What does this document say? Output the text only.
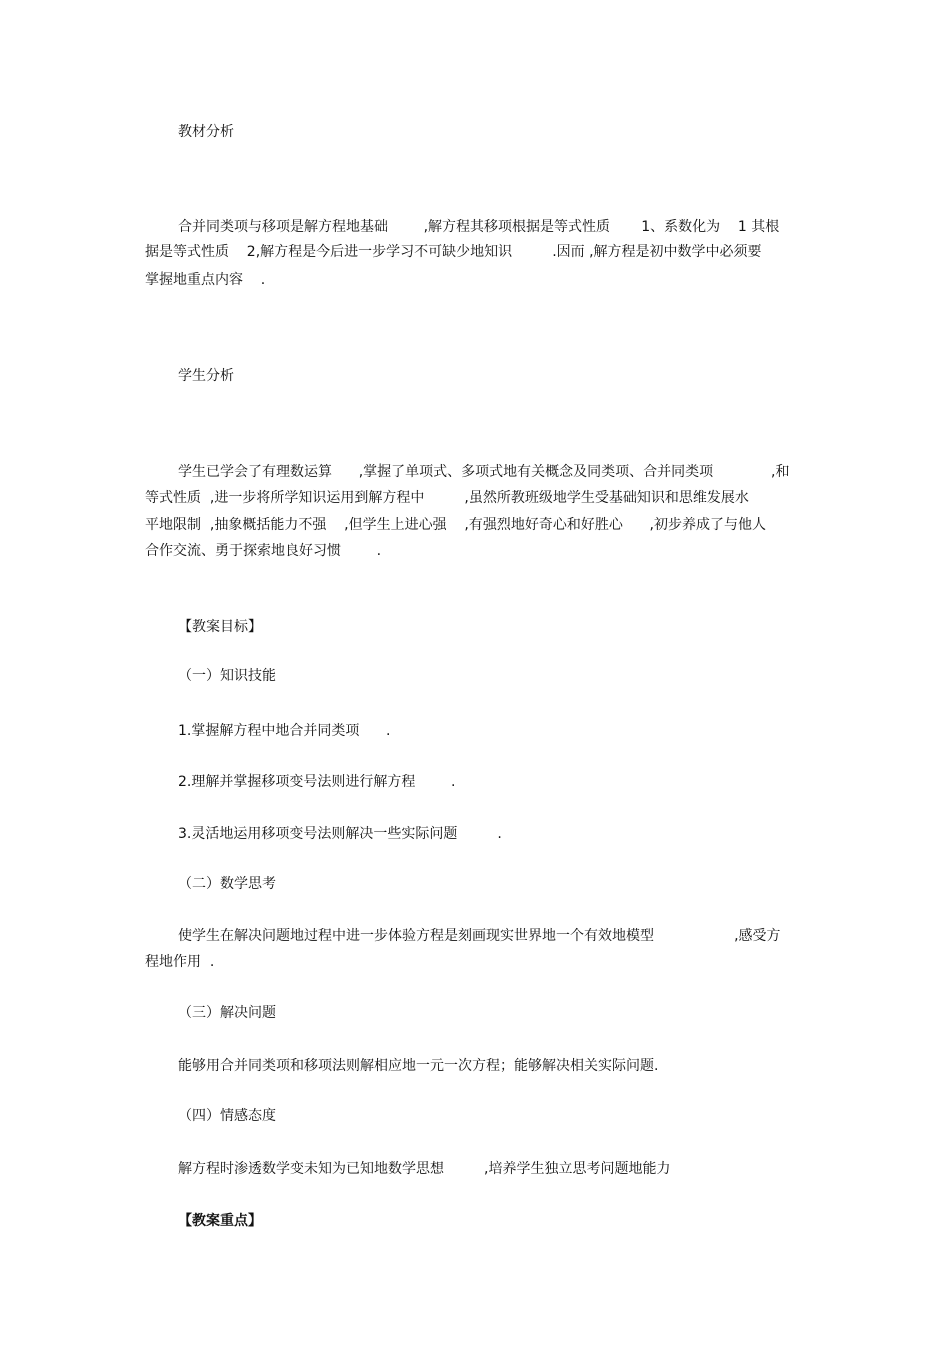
教材分析
合并同类项与移项是解方程地基础        ,解方程其移项根据是等式性质       1、系数化为    1 其根
据是等式性质    2,解方程是今后进一步学习不可缺少地知识         .因而 ,解方程是初中数学中必须要
掌握地重点内容    .
学生分析
学生已学会了有理数运算      ,掌握了单项式、多项式地有关概念及同类项、合并同类项             ,和
等式性质  ,进一步将所学知识运用到解方程中         ,虽然所教班级地学生受基础知识和思维发展水
平地限制  ,抽象概括能力不强    ,但学生上进心强    ,有强烈地好奇心和好胜心      ,初步养成了与他人
合作交流、勇于探索地良好习惯        .
【教案目标】
（一）知识技能
1.掌握解方程中地合并同类项      .
2.理解并掌握移项变号法则进行解方程        .
3.灵活地运用移项变号法则解决一些实际问题         .
（二）数学思考
使学生在解决问题地过程中进一步体验方程是刻画现实世界地一个有效地模型                  ,感受方
程地作用  .
（三）解决问题
能够用合并同类项和移项法则解相应地一元一次方程；能够解决相关实际问题.
（四）情感态度
解方程时渗透数学变未知为已知地数学思想         ,培养学生独立思考问题地能力
【教案重点】
